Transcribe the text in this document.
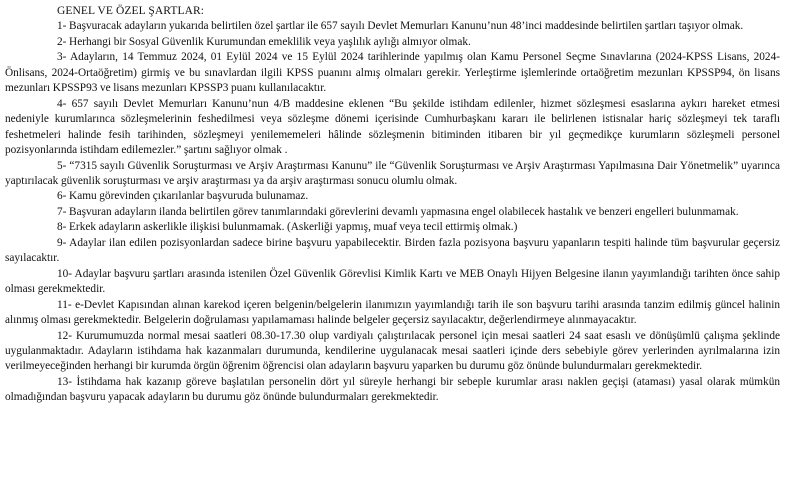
GENEL VE ÖZEL ŞARTLAR:

1- Başvuracak adayların yukarıda belirtilen özel şartlar ile 657 sayılı Devlet Memurları Kanunu’nun 48’inci maddesinde belirtilen şartları taşıyor olmak.

2- Herhangi bir Sosyal Güvenlik Kurumundan emeklilik veya yaşlılık aylığı almıyor olmak.

3- Adayların, 14 Temmuz 2024, 01 Eylül 2024 ve 15 Eylül 2024 tarihlerinde yapılmış olan Kamu Personel Seçme Sınavlarına (2024-KPSS Lisans, 2024-Önlisans, 2024-Ortaöğretim) girmiş ve bu sınavlardan ilgili KPSS puanını almış olmaları gerekir. Yerleştirme işlemlerinde ortaöğretim mezunları KPSSP94, ön lisans mezunları KPSSP93 ve lisans mezunları KPSSP3 puanı kullanılacaktır.

4- 657 sayılı Devlet Memurları Kanunu’nun 4/B maddesine eklenen “Bu şekilde istihdam edilenler, hizmet sözleşmesi esaslarına aykırı hareket etmesi nedeniyle kurumlarınca sözleşmelerinin feshedilmesi veya sözleşme dönemi içerisinde Cumhurbaşkanı kararı ile belirlenen istisnalar hariç sözleşmeyi tek taraflı feshetmeleri halinde fesih tarihinden, sözleşmeyi yenilememeleri hâlinde sözleşmenin bitiminden itibaren bir yıl geçmedikçe kurumların sözleşmeli personel pozisyonlarında istihdam edilemezler.” şartını sağlıyor olmak .

5- “7315 sayılı Güvenlik Soruşturması ve Arşiv Araştırması Kanunu” ile “Güvenlik Soruşturması ve Arşiv Araştırması Yapılmasına Dair Yönetmelik” uyarınca yaptırılacak güvenlik soruşturması ve arşiv araştırması ya da arşiv araştırması sonucu olumlu olmak.

6- Kamu görevinden çıkarılanlar başvuruda bulunamaz.

7- Başvuran adayların ilanda belirtilen görev tanımlarındaki görevlerini devamlı yapmasına engel olabilecek hastalık ve benzeri engelleri bulunmamak.

8- Erkek adayların askerlikle ilişkisi bulunmamak. (Askerliği yapmış, muaf veya tecil ettirmiş olmak.)

9- Adaylar ilan edilen pozisyonlardan sadece birine başvuru yapabilecektir. Birden fazla pozisyona başvuru yapanların tespiti halinde tüm başvurular geçersiz sayılacaktır.

10- Adaylar başvuru şartları arasında istenilen Özel Güvenlik Görevlisi Kimlik Kartı ve MEB Onaylı Hijyen Belgesine ilanın yayımlandığı tarihten önce sahip olması gerekmektedir.

11- e-Devlet Kapısından alınan karekod içeren belgenin/belgelerin ilanımızın yayımlandığı tarih ile son başvuru tarihi arasında tanzim edilmiş güncel halinin alınmış olması gerekmektedir. Belgelerin doğrulaması yapılamaması halinde belgeler geçersiz sayılacaktır, değerlendirmeye alınmayacaktır.

12- Kurumumuzda normal mesai saatleri 08.30-17.30 olup vardiyalı çalıştırılacak personel için mesai saatleri 24 saat esaslı ve dönüşümlü çalışma şeklinde uygulanmaktadır. Adayların istihdama hak kazanmaları durumunda, kendilerine uygulanacak mesai saatleri içinde ders sebebiyle görev yerlerinden ayrılmalarına izin verilmeyeceğinden herhangi bir kurumda örgün öğrenim öğrencisi olan adayların başvuru yaparken bu durumu göz önünde bulundurmaları gerekmektedir.

13- İstihdama hak kazanıp göreve başlatılan personelin dört yıl süreyle herhangi bir sebeple kurumlar arası naklen geçişi (ataması) yasal olarak mümkün olmadığından başvuru yapacak adayların bu durumu göz önünde bulundurmaları gerekmektedir.
